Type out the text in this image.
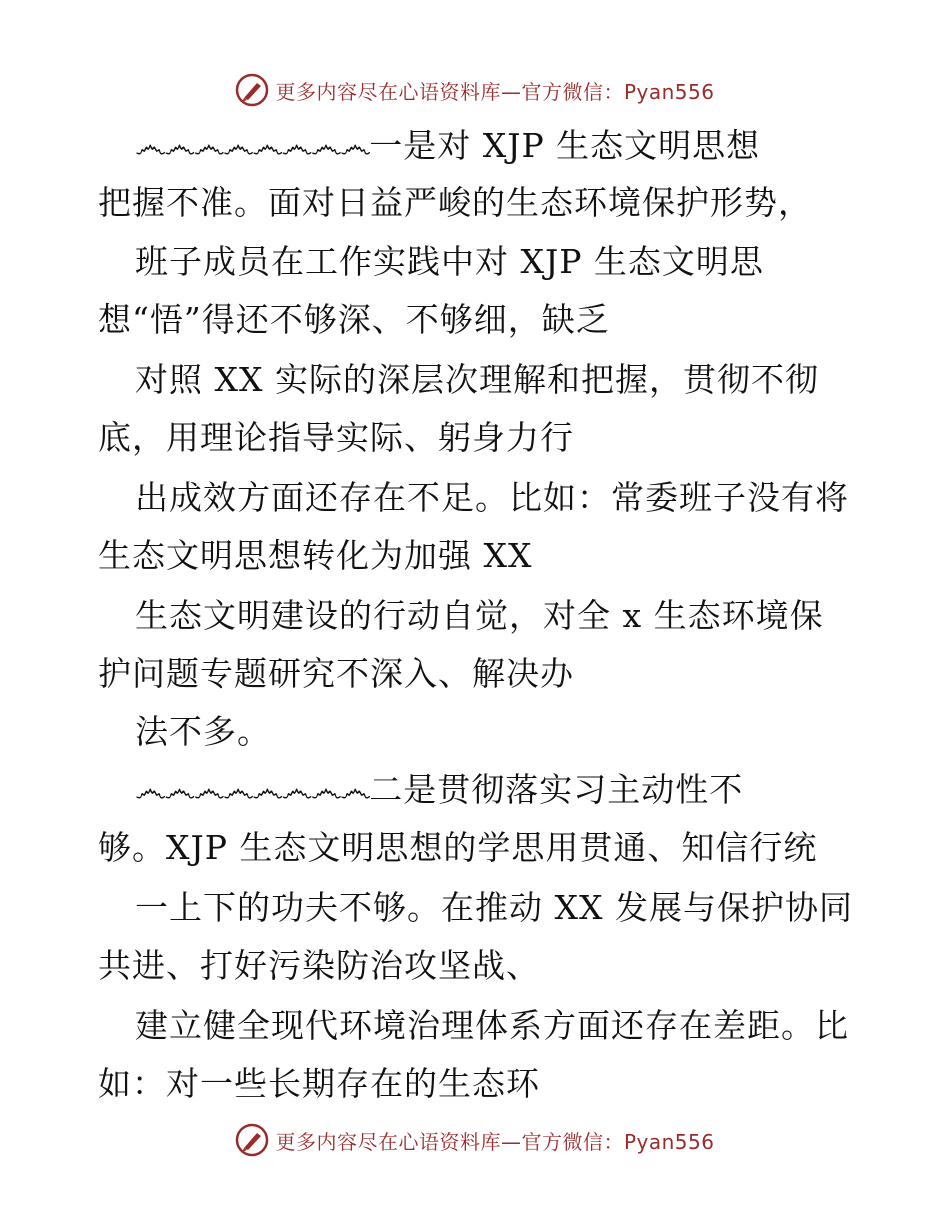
更多内容尽在心语资料库—官方微信：Pyan556
෴෴෴෴෴෴෴෴一是对 XJP 生态文明思想
把握不准。面对日益严峻的生态环境保护形势，
班子成员在工作实践中对 XJP 生态文明思
想“悟”得还不够深、不够细，缺乏
对照 XX 实际的深层次理解和把握，贯彻不彻
底，用理论指导实际、躬身力行
出成效方面还存在不足。比如：常委班子没有将
生态文明思想转化为加强 XX
生态文明建设的行动自觉，对全 x 生态环境保
护问题专题研究不深入、解决办
法不多。
෴෴෴෴෴෴෴෴二是贯彻落实习主动性不
够。XJP 生态文明思想的学思用贯通、知信行统
一上下的功夫不够。在推动 XX 发展与保护协同
共进、打好污染防治攻坚战、
建立健全现代环境治理体系方面还存在差距。比
如：对一些长期存在的生态环
更多内容尽在心语资料库—官方微信：Pyan556
